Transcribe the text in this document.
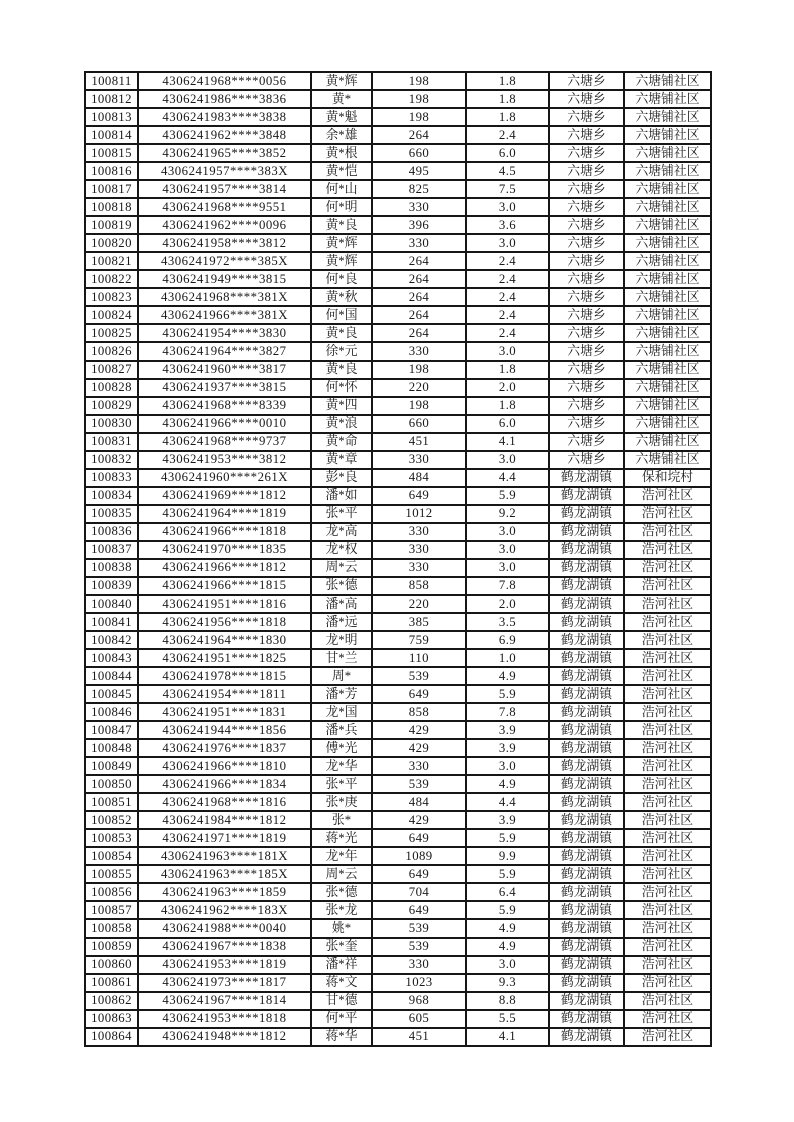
100811	4306241968****0056	黄*辉	198	1.8	六塘乡	六塘铺社区
100812	4306241986****3836	黄*	198	1.8	六塘乡	六塘铺社区
100813	4306241983****3838	黄*魁	198	1.8	六塘乡	六塘铺社区
100814	4306241962****3848	余*雄	264	2.4	六塘乡	六塘铺社区
100815	4306241965****3852	黄*根	660	6.0	六塘乡	六塘铺社区
100816	4306241957****383X	黄*恺	495	4.5	六塘乡	六塘铺社区
100817	4306241957****3814	何*山	825	7.5	六塘乡	六塘铺社区
100818	4306241968****9551	何*明	330	3.0	六塘乡	六塘铺社区
100819	4306241962****0096	黄*良	396	3.6	六塘乡	六塘铺社区
100820	4306241958****3812	黄*辉	330	3.0	六塘乡	六塘铺社区
100821	4306241972****385X	黄*辉	264	2.4	六塘乡	六塘铺社区
100822	4306241949****3815	何*良	264	2.4	六塘乡	六塘铺社区
100823	4306241968****381X	黄*秋	264	2.4	六塘乡	六塘铺社区
100824	4306241966****381X	何*国	264	2.4	六塘乡	六塘铺社区
100825	4306241954****3830	黄*良	264	2.4	六塘乡	六塘铺社区
100826	4306241964****3827	徐*元	330	3.0	六塘乡	六塘铺社区
100827	4306241960****3817	黄*良	198	1.8	六塘乡	六塘铺社区
100828	4306241937****3815	何*怀	220	2.0	六塘乡	六塘铺社区
100829	4306241968****8339	黄*四	198	1.8	六塘乡	六塘铺社区
100830	4306241966****0010	黄*浪	660	6.0	六塘乡	六塘铺社区
100831	4306241968****9737	黄*命	451	4.1	六塘乡	六塘铺社区
100832	4306241953****3812	黄*章	330	3.0	六塘乡	六塘铺社区
100833	4306241960****261X	彭*良	484	4.4	鹤龙湖镇	保和垸村
100834	4306241969****1812	潘*如	649	5.9	鹤龙湖镇	浩河社区
100835	4306241964****1819	张*平	1012	9.2	鹤龙湖镇	浩河社区
100836	4306241966****1818	龙*高	330	3.0	鹤龙湖镇	浩河社区
100837	4306241970****1835	龙*权	330	3.0	鹤龙湖镇	浩河社区
100838	4306241966****1812	周*云	330	3.0	鹤龙湖镇	浩河社区
100839	4306241966****1815	张*德	858	7.8	鹤龙湖镇	浩河社区
100840	4306241951****1816	潘*高	220	2.0	鹤龙湖镇	浩河社区
100841	4306241956****1818	潘*远	385	3.5	鹤龙湖镇	浩河社区
100842	4306241964****1830	龙*明	759	6.9	鹤龙湖镇	浩河社区
100843	4306241951****1825	甘*兰	110	1.0	鹤龙湖镇	浩河社区
100844	4306241978****1815	周*	539	4.9	鹤龙湖镇	浩河社区
100845	4306241954****1811	潘*芳	649	5.9	鹤龙湖镇	浩河社区
100846	4306241951****1831	龙*国	858	7.8	鹤龙湖镇	浩河社区
100847	4306241944****1856	潘*兵	429	3.9	鹤龙湖镇	浩河社区
100848	4306241976****1837	傅*光	429	3.9	鹤龙湖镇	浩河社区
100849	4306241966****1810	龙*华	330	3.0	鹤龙湖镇	浩河社区
100850	4306241966****1834	张*平	539	4.9	鹤龙湖镇	浩河社区
100851	4306241968****1816	张*庚	484	4.4	鹤龙湖镇	浩河社区
100852	4306241984****1812	张*	429	3.9	鹤龙湖镇	浩河社区
100853	4306241971****1819	蒋*光	649	5.9	鹤龙湖镇	浩河社区
100854	4306241963****181X	龙*年	1089	9.9	鹤龙湖镇	浩河社区
100855	4306241963****185X	周*云	649	5.9	鹤龙湖镇	浩河社区
100856	4306241963****1859	张*德	704	6.4	鹤龙湖镇	浩河社区
100857	4306241962****183X	张*龙	649	5.9	鹤龙湖镇	浩河社区
100858	4306241988****0040	姚*	539	4.9	鹤龙湖镇	浩河社区
100859	4306241967****1838	张*奎	539	4.9	鹤龙湖镇	浩河社区
100860	4306241953****1819	潘*祥	330	3.0	鹤龙湖镇	浩河社区
100861	4306241973****1817	蒋*文	1023	9.3	鹤龙湖镇	浩河社区
100862	4306241967****1814	甘*德	968	8.8	鹤龙湖镇	浩河社区
100863	4306241953****1818	何*平	605	5.5	鹤龙湖镇	浩河社区
100864	4306241948****1812	蒋*华	451	4.1	鹤龙湖镇	浩河社区
